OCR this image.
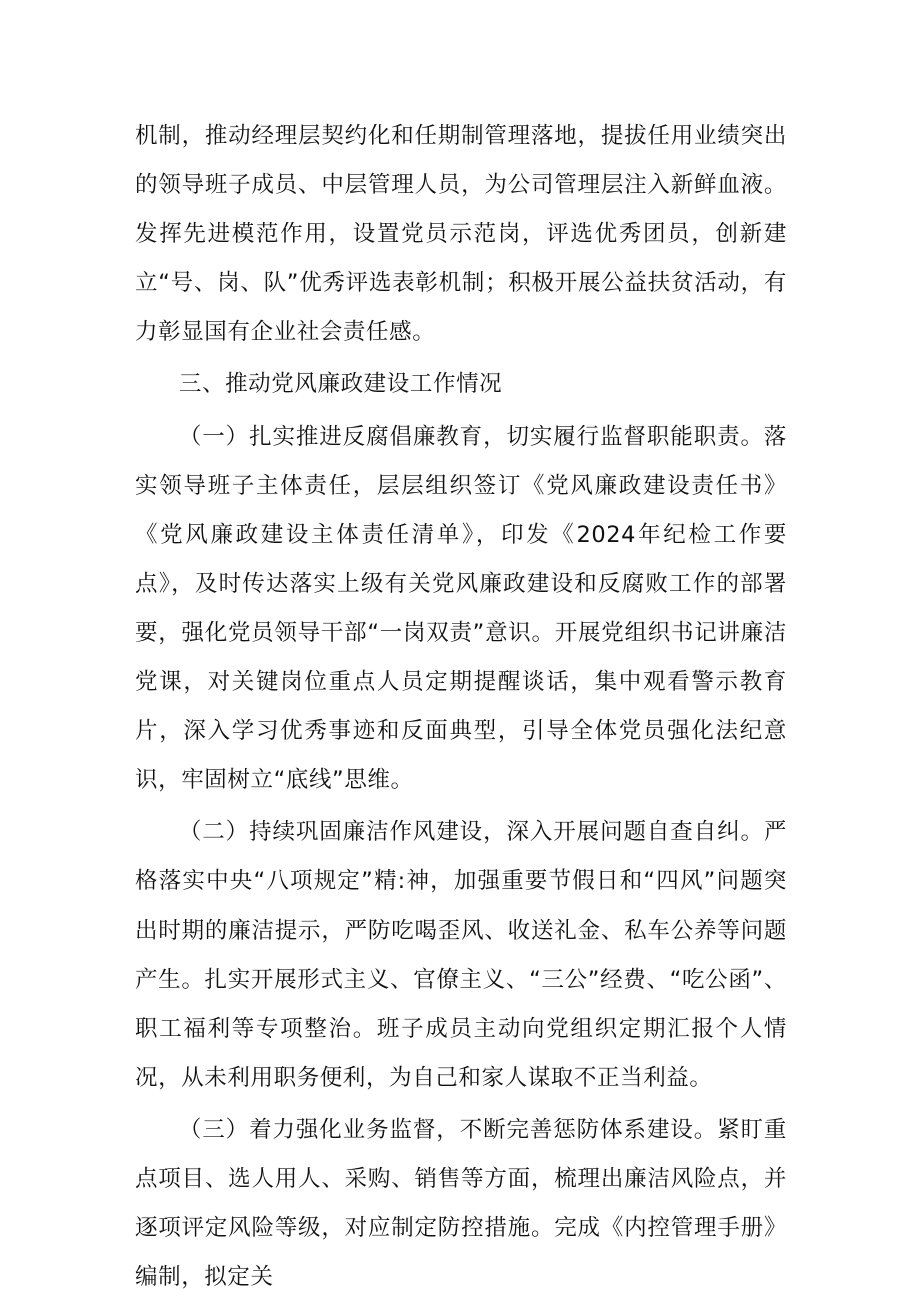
机制，推动经理层契约化和任期制管理落地，提拔任用业绩突出的领导班子成员、中层管理人员，为公司管理层注入新鲜血液。发挥先进模范作用，设置党员示范岗，评选优秀团员，创新建立“号、岗、队”优秀评选表彰机制；积极开展公益扶贫活动，有力彰显国有企业社会责任感。

三、推动党风廉政建设工作情况

（一）扎实推进反腐倡廉教育，切实履行监督职能职责。落实领导班子主体责任，层层组织签订《党风廉政建设责任书》《党风廉政建设主体责任清单》，印发《2024年纪检工作要点》，及时传达落实上级有关党风廉政建设和反腐败工作的部署要，强化党员领导干部“一岗双责”意识。开展党组织书记讲廉洁党课，对关键岗位重点人员定期提醒谈话，集中观看警示教育片，深入学习优秀事迹和反面典型，引导全体党员强化法纪意识，牢固树立“底线”思维。

（二）持续巩固廉洁作风建设，深入开展问题自查自纠。严格落实中央“八项规定”精:神，加强重要节假日和“四风”问题突出时期的廉洁提示，严防吃喝歪风、收送礼金、私车公养等问题产生。扎实开展形式主义、官僚主义、“三公”经费、“吃公函”、职工福利等专项整治。班子成员主动向党组织定期汇报个人情况，从未利用职务便利，为自己和家人谋取不正当利益。

（三）着力强化业务监督，不断完善惩防体系建设。紧盯重点项目、选人用人、采购、销售等方面，梳理出廉洁风险点，并逐项评定风险等级，对应制定防控措施。完成《内控管理手册》编制，拟定关
